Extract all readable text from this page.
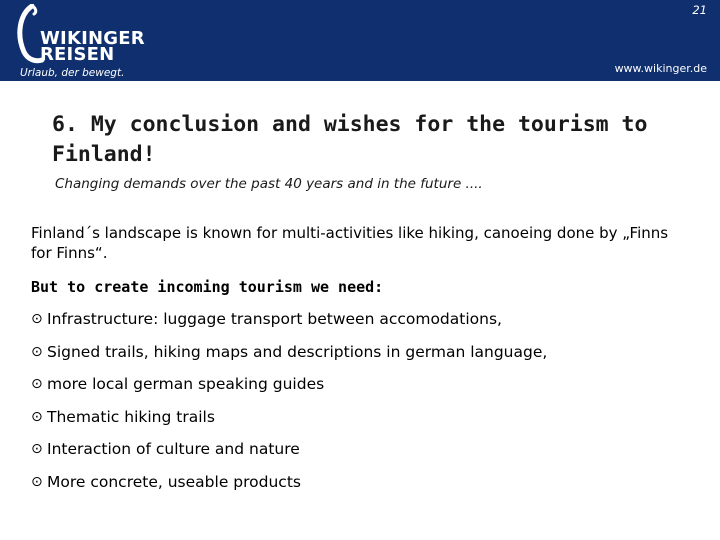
WIKINGER
REISEN
Urlaub, der bewegt.
21
www.wikinger.de
6. My conclusion and wishes for the tourism to Finland!
Changing demands over the past 40 years and in the future ....

Finland´s landscape is known for multi-activities like hiking, canoeing done by „Finns for Finns“.

But to create incoming tourism we need:
⊙ Infrastructure: luggage transport between accomodations,
⊙ Signed trails, hiking maps and descriptions in german language,
⊙ more local german speaking guides
⊙ Thematic hiking trails
⊙ Interaction of culture and nature
⊙ More concrete, useable products
